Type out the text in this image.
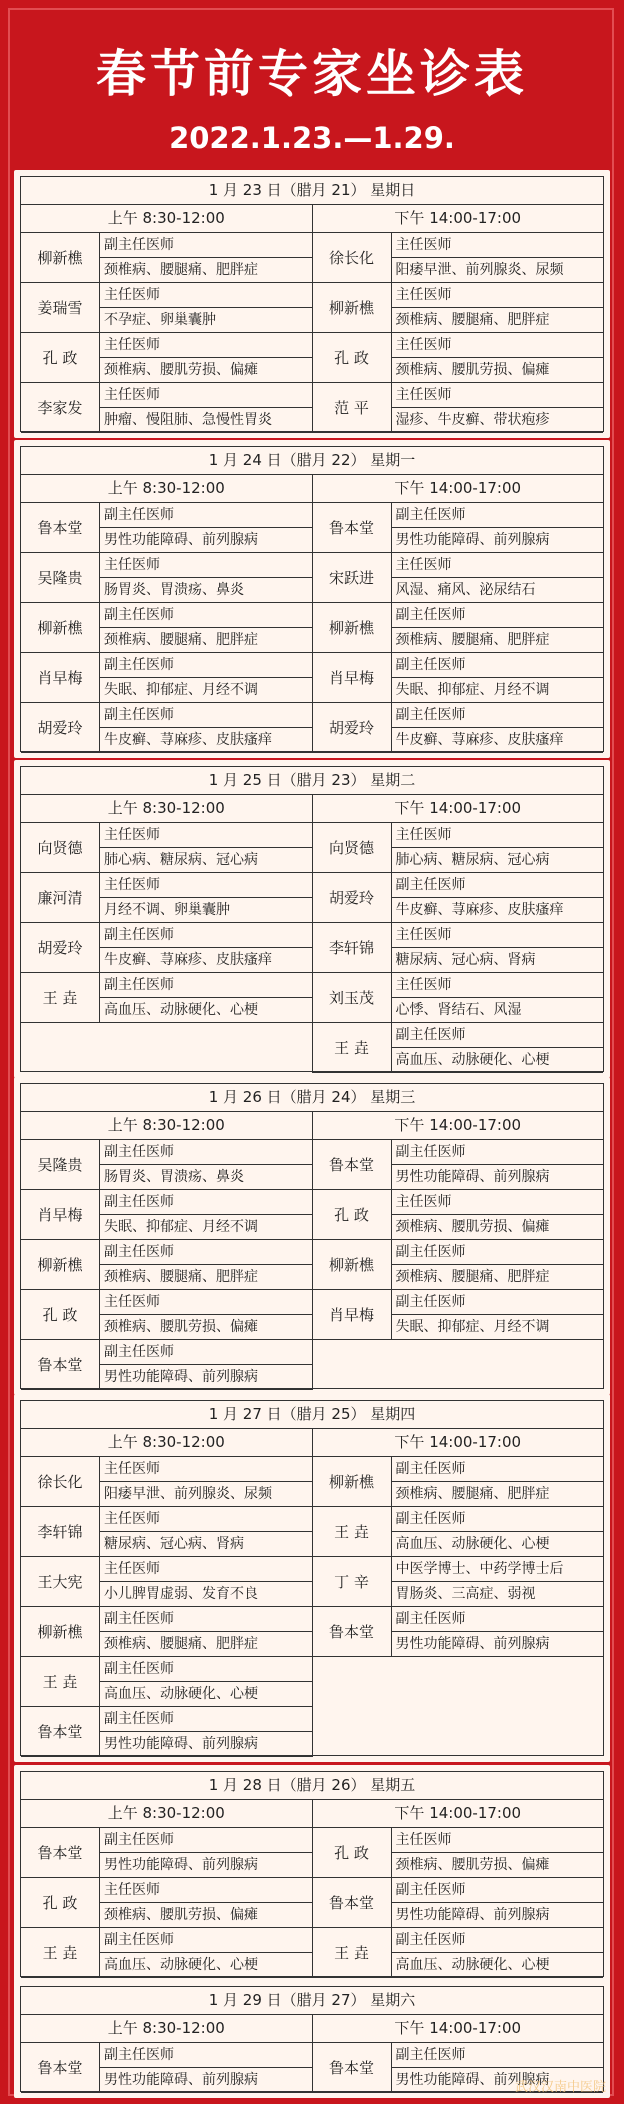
春节前专家坐诊表
2022.1.23.—1.29.
1 月 23 日（腊月 21） 星期日
上午 8:30-12:00
柳新樵
副主任医师
颈椎病、腰腿痛、肥胖症
姜瑞雪
主任医师
不孕症、卵巢囊肿
孔 政
主任医师
颈椎病、腰肌劳损、偏瘫
李家发
主任医师
肿瘤、慢阻肺、急慢性胃炎
下午 14:00-17:00
徐长化
主任医师
阳痿早泄、前列腺炎、尿频
柳新樵
主任医师
颈椎病、腰腿痛、肥胖症
孔 政
主任医师
颈椎病、腰肌劳损、偏瘫
范 平
主任医师
湿疹、牛皮癣、带状疱疹
1 月 24 日（腊月 22） 星期一
上午 8:30-12:00
鲁本堂
副主任医师
男性功能障碍、前列腺病
吴隆贵
主任医师
肠胃炎、胃溃疡、鼻炎
柳新樵
副主任医师
颈椎病、腰腿痛、肥胖症
肖早梅
副主任医师
失眠、抑郁症、月经不调
胡爱玲
副主任医师
牛皮癣、荨麻疹、皮肤瘙痒
下午 14:00-17:00
鲁本堂
副主任医师
男性功能障碍、前列腺病
宋跃进
主任医师
风湿、痛风、泌尿结石
柳新樵
副主任医师
颈椎病、腰腿痛、肥胖症
肖早梅
副主任医师
失眠、抑郁症、月经不调
胡爱玲
副主任医师
牛皮癣、荨麻疹、皮肤瘙痒
1 月 25 日（腊月 23） 星期二
上午 8:30-12:00
向贤德
主任医师
肺心病、糖尿病、冠心病
廉河清
主任医师
月经不调、卵巢囊肿
胡爱玲
副主任医师
牛皮癣、荨麻疹、皮肤瘙痒
王 垚
副主任医师
高血压、动脉硬化、心梗
下午 14:00-17:00
向贤德
主任医师
肺心病、糖尿病、冠心病
胡爱玲
副主任医师
牛皮癣、荨麻疹、皮肤瘙痒
李轩锦
主任医师
糖尿病、冠心病、肾病
刘玉茂
主任医师
心悸、肾结石、风湿
王 垚
副主任医师
高血压、动脉硬化、心梗
1 月 26 日（腊月 24） 星期三
上午 8:30-12:00
吴隆贵
副主任医师
肠胃炎、胃溃疡、鼻炎
肖早梅
副主任医师
失眠、抑郁症、月经不调
柳新樵
副主任医师
颈椎病、腰腿痛、肥胖症
孔 政
主任医师
颈椎病、腰肌劳损、偏瘫
鲁本堂
副主任医师
男性功能障碍、前列腺病
下午 14:00-17:00
鲁本堂
副主任医师
男性功能障碍、前列腺病
孔 政
主任医师
颈椎病、腰肌劳损、偏瘫
柳新樵
副主任医师
颈椎病、腰腿痛、肥胖症
肖早梅
副主任医师
失眠、抑郁症、月经不调
1 月 27 日（腊月 25） 星期四
上午 8:30-12:00
徐长化
主任医师
阳痿早泄、前列腺炎、尿频
李轩锦
主任医师
糖尿病、冠心病、肾病
王大宪
主任医师
小儿脾胃虚弱、发育不良
柳新樵
副主任医师
颈椎病、腰腿痛、肥胖症
王 垚
副主任医师
高血压、动脉硬化、心梗
鲁本堂
副主任医师
男性功能障碍、前列腺病
下午 14:00-17:00
柳新樵
副主任医师
颈椎病、腰腿痛、肥胖症
王 垚
副主任医师
高血压、动脉硬化、心梗
丁 辛
中医学博士、中药学博士后
胃肠炎、三高症、弱视
鲁本堂
副主任医师
男性功能障碍、前列腺病
1 月 28 日（腊月 26） 星期五
上午 8:30-12:00
鲁本堂
副主任医师
男性功能障碍、前列腺病
孔 政
主任医师
颈椎病、腰肌劳损、偏瘫
王 垚
副主任医师
高血压、动脉硬化、心梗
下午 14:00-17:00
孔 政
主任医师
颈椎病、腰肌劳损、偏瘫
鲁本堂
副主任医师
男性功能障碍、前列腺病
王 垚
副主任医师
高血压、动脉硬化、心梗
1 月 29 日（腊月 27） 星期六
上午 8:30-12:00
鲁本堂
副主任医师
男性功能障碍、前列腺病
下午 14:00-17:00
鲁本堂
副主任医师
男性功能障碍、前列腺病
武汉汉南中医院
